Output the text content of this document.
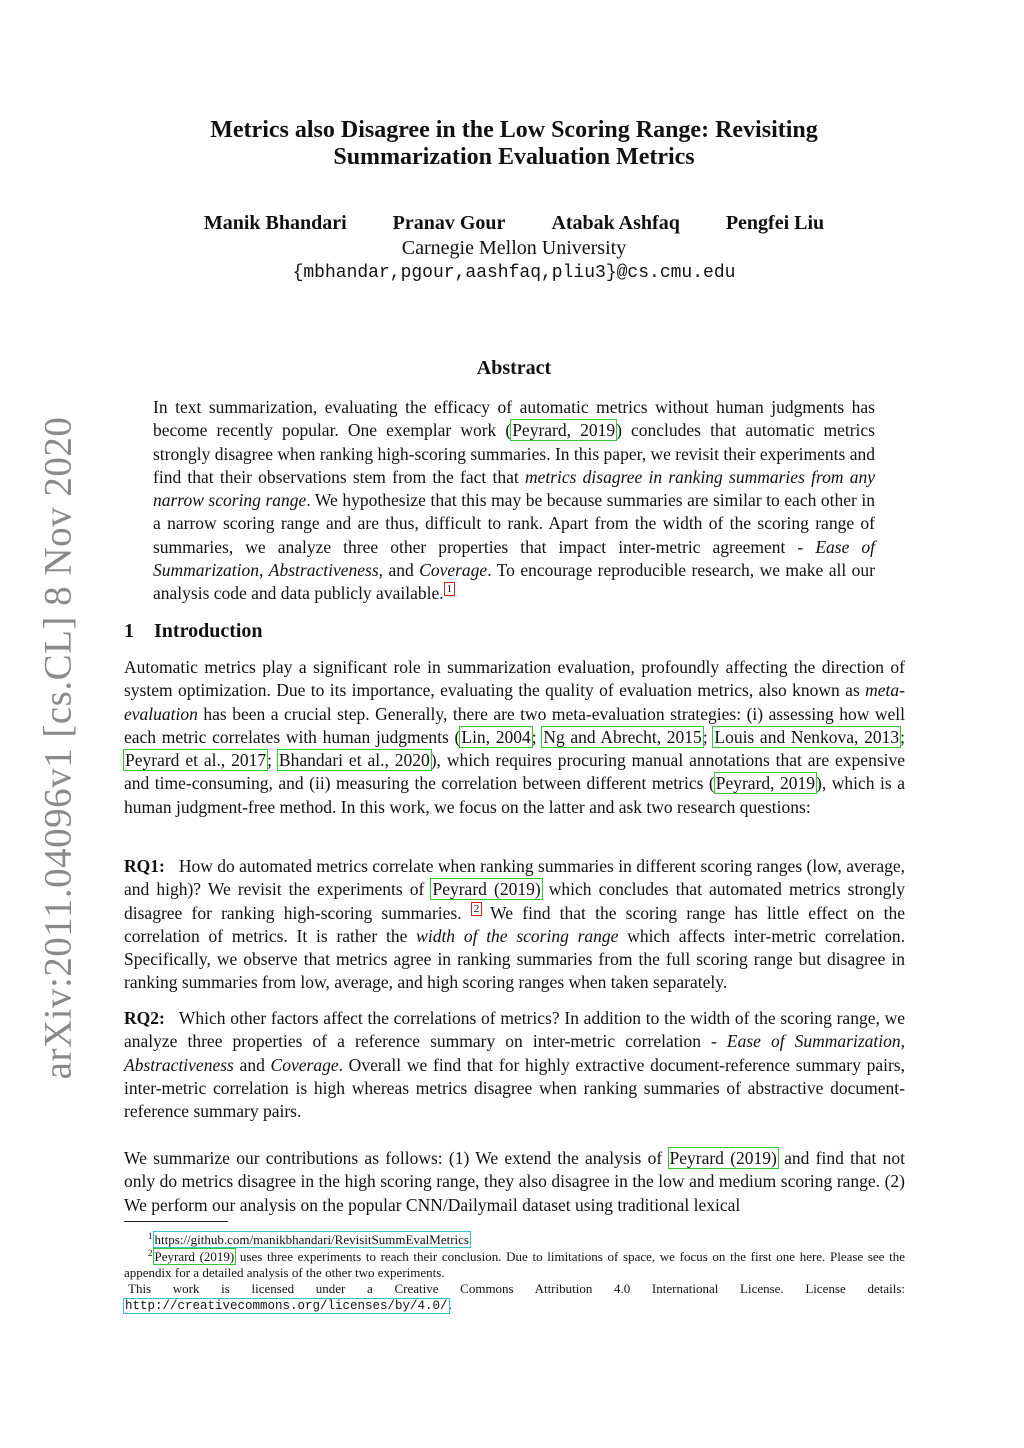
arXiv:2011.04096v1 [cs.CL] 8 Nov 2020
Metrics also Disagree in the Low Scoring Range: Revisiting
Summarization Evaluation Metrics
Manik Bhandari Pranav Gour Atabak Ashfaq Pengfei Liu
Carnegie Mellon University
{mbhandar,pgour,aashfaq,pliu3}@cs.cmu.edu
Abstract

In text summarization, evaluating the efficacy of automatic metrics without human judgments has become recently popular. One exemplar work (Peyrard, 2019) concludes that automatic metrics strongly disagree when ranking high-scoring summaries. In this paper, we revisit their experiments and find that their observations stem from the fact that metrics disagree in ranking summaries from any narrow scoring range. We hypothesize that this may be because summaries are similar to each other in a narrow scoring range and are thus, difficult to rank. Apart from the width of the scoring range of summaries, we analyze three other properties that impact inter-metric agreement - Ease of Summarization, Abstractiveness, and Coverage. To encourage reproducible research, we make all our analysis code and data publicly available. 1

1 Introduction

Automatic metrics play a significant role in summarization evaluation, profoundly affecting the direction of system optimization. Due to its importance, evaluating the quality of evaluation metrics, also known as meta-evaluation has been a crucial step. Generally, there are two meta-evaluation strategies: (i) assessing how well each metric correlates with human judgments (Lin, 2004; Ng and Abrecht, 2015; Louis and Nenkova, 2013; Peyrard et al., 2017; Bhandari et al., 2020), which requires procuring manual annotations that are expensive and time-consuming, and (ii) measuring the correlation between different metrics (Peyrard, 2019), which is a human judgment-free method. In this work, we focus on the latter and ask two research questions:

RQ1: How do automated metrics correlate when ranking summaries in different scoring ranges (low, average, and high)? We revisit the experiments of Peyrard (2019) which concludes that automated metrics strongly disagree for ranking high-scoring summaries. 2 We find that the scoring range has little effect on the correlation of metrics. It is rather the width of the scoring range which affects inter-metric correlation. Specifically, we observe that metrics agree in ranking summaries from the full scoring range but disagree in ranking summaries from low, average, and high scoring ranges when taken separately.

RQ2: Which other factors affect the correlations of metrics? In addition to the width of the scoring range, we analyze three properties of a reference summary on inter-metric correlation - Ease of Summarization, Abstractiveness and Coverage. Overall we find that for highly extractive document-reference summary pairs, inter-metric correlation is high whereas metrics disagree when ranking summaries of abstractive document-reference summary pairs.

We summarize our contributions as follows: (1) We extend the analysis of Peyrard (2019) and find that not only do metrics disagree in the high scoring range, they also disagree in the low and medium scoring range. (2) We perform our analysis on the popular CNN/Dailymail dataset using traditional lexical

$^1$ https://github.com/manikbhandari/RevisitSummEvalMetrics

$^2$ Peyrard (2019) uses three experiments to reach their conclusion. Due to limitations of space, we focus on the first one here. Please see the appendix for a detailed analysis of the other two experiments.

This work is licensed under a Creative Commons Attribution 4.0 International License. License details: http://creativecommons.org/licenses/by/4.0/.
